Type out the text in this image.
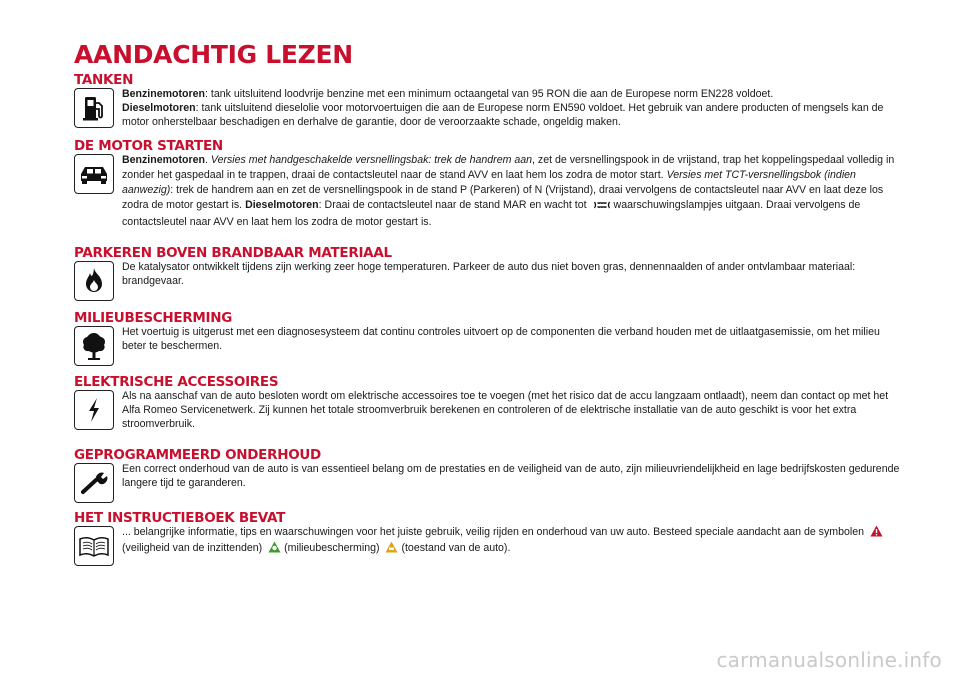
AANDACHTIG LEZEN
TANKEN

Benzinemotoren: tank uitsluitend loodvrije benzine met een minimum octaangetal van 95 RON die aan de Europese norm EN228 voldoet.

Dieselmotoren: tank uitsluitend dieselolie voor motorvoertuigen die aan de Europese norm EN590 voldoet. Het gebruik van andere producten of mengsels kan de motor onherstelbaar beschadigen en derhalve de garantie, door de veroorzaakte schade, ongeldig maken.

DE MOTOR STARTEN

Benzinemotoren. Versies met handgeschakelde versnellingsbak: trek de handrem aan, zet de versnellingspook in de vrijstand, trap het koppelingspedaal volledig in zonder het gaspedaal in te trappen, draai de contactsleutel naar de stand AVV en laat hem los zodra de motor start. Versies met TCT-versnellingsbok (indien aanwezig): trek de handrem aan en zet de versnellingspook in de stand P (Parkeren) of N (Vrijstand), draai vervolgens de contactsleutel naar AVV en laat deze los zodra de motor gestart is. Dieselmotoren: Draai de contactsleutel naar de stand MAR en wacht tot	waarschuwingslampjes uitgaan. Draai vervolgens de contactsleutel naar AVV en laat hem los zodra de motor gestart is.

PARKEREN BOVEN BRANDBAAR MATERIAAL

De katalysator ontwikkelt tijdens zijn werking zeer hoge temperaturen. Parkeer de auto dus niet boven gras, dennennaalden of ander ontvlambaar materiaal: brandgevaar.

MILIEUBESCHERMING

Het voertuig is uitgerust met een diagnosesysteem dat continu controles uitvoert op de componenten die verband houden met de uitlaatgasemissie, om het milieu beter te beschermen.

ELEKTRISCHE ACCESSOIRES

Als na aanschaf van de auto besloten wordt om elektrische accessoires toe te voegen (met het risico dat de accu langzaam ontlaadt), neem dan contact op met het Alfa Romeo Servicenetwerk. Zij kunnen het totale stroomverbruik berekenen en controleren of de elektrische installatie van de auto geschikt is voor het extra stroomverbruik.

GEPROGRAMMEERD ONDERHOUD

Een correct onderhoud van de auto is van essentieel belang om de prestaties en de veiligheid van de auto, zijn milieuvriendelijkheid en lage bedrijfskosten gedurende langere tijd te garanderen.

HET INSTRUCTIEBOEK BEVAT

... belangrijke informatie, tips en waarschuwingen voor het juiste gebruik, veilig rijden en onderhoud van uw auto. Besteed speciale aandacht aan de symbolen (veiligheid van de inzittenden) (milieubescherming) (toestand van de auto).

carmanualsonline.info
